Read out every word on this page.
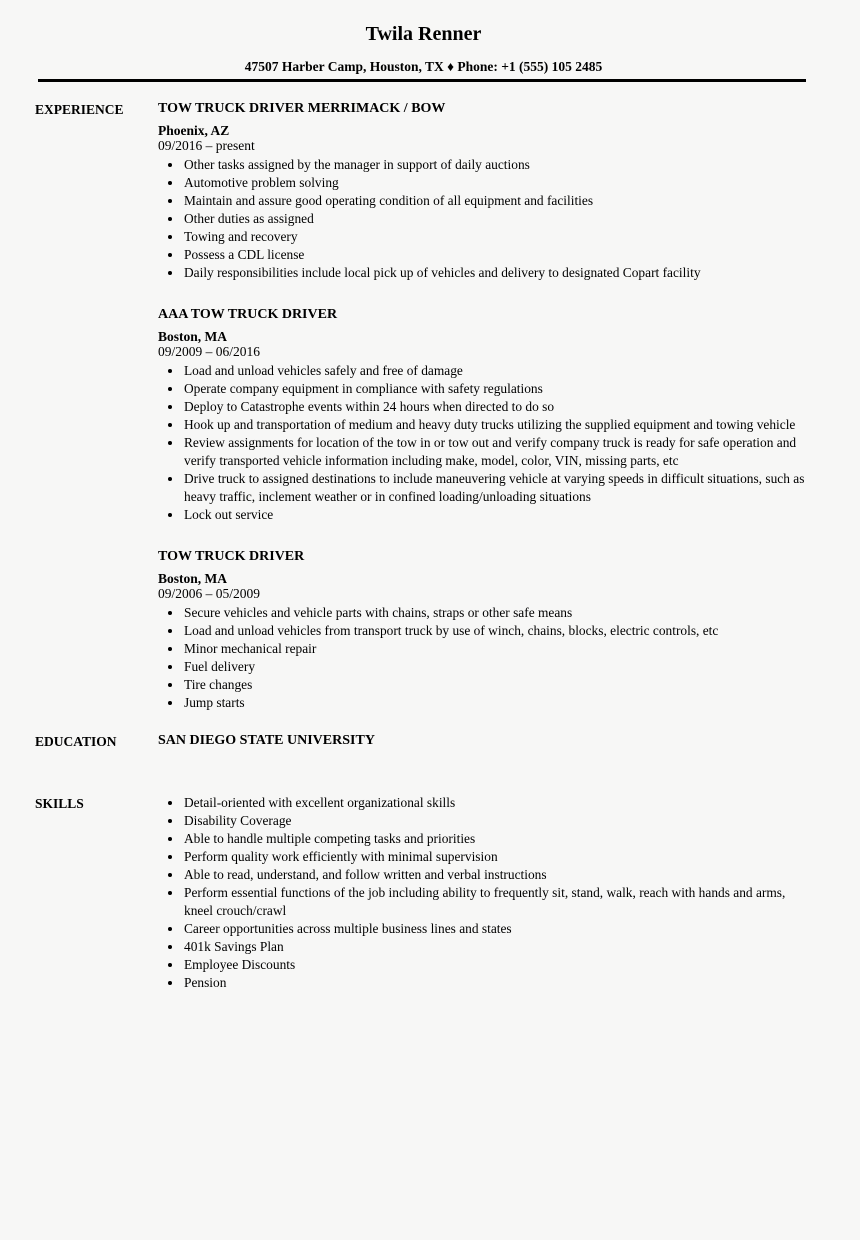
Twila Renner
47507 Harber Camp, Houston, TX ♦ Phone: +1 (555) 105 2485
EXPERIENCE	TOW TRUCK DRIVER MERRIMACK / BOW
Phoenix, AZ
09/2016 – present
• Other tasks assigned by the manager in support of daily auctions
• Automotive problem solving
• Maintain and assure good operating condition of all equipment and facilities
• Other duties as assigned
• Towing and recovery
• Possess a CDL license
• Daily responsibilities include local pick up of vehicles and delivery to designated Copart facility
AAA TOW TRUCK DRIVER
Boston, MA
09/2009 – 06/2016
• Load and unload vehicles safely and free of damage
• Operate company equipment in compliance with safety regulations
• Deploy to Catastrophe events within 24 hours when directed to do so
• Hook up and transportation of medium and heavy duty trucks utilizing the supplied equipment and towing vehicle
• Review assignments for location of the tow in or tow out and verify company truck is ready for safe operation and verify transported vehicle information including make, model, color, VIN, missing parts, etc
• Drive truck to assigned destinations to include maneuvering vehicle at varying speeds in difficult situations, such as heavy traffic, inclement weather or in confined loading/unloading situations
• Lock out service
TOW TRUCK DRIVER
Boston, MA
09/2006 – 05/2009
• Secure vehicles and vehicle parts with chains, straps or other safe means
• Load and unload vehicles from transport truck by use of winch, chains, blocks, electric controls, etc
• Minor mechanical repair
• Fuel delivery
• Tire changes
• Jump starts
EDUCATION	SAN DIEGO STATE UNIVERSITY
SKILLS	• Detail-oriented with excellent organizational skills
• Disability Coverage
• Able to handle multiple competing tasks and priorities
• Perform quality work efficiently with minimal supervision
• Able to read, understand, and follow written and verbal instructions
• Perform essential functions of the job including ability to frequently sit, stand, walk, reach with hands and arms, kneel crouch/crawl
• Career opportunities across multiple business lines and states
• 401k Savings Plan
• Employee Discounts
• Pension
